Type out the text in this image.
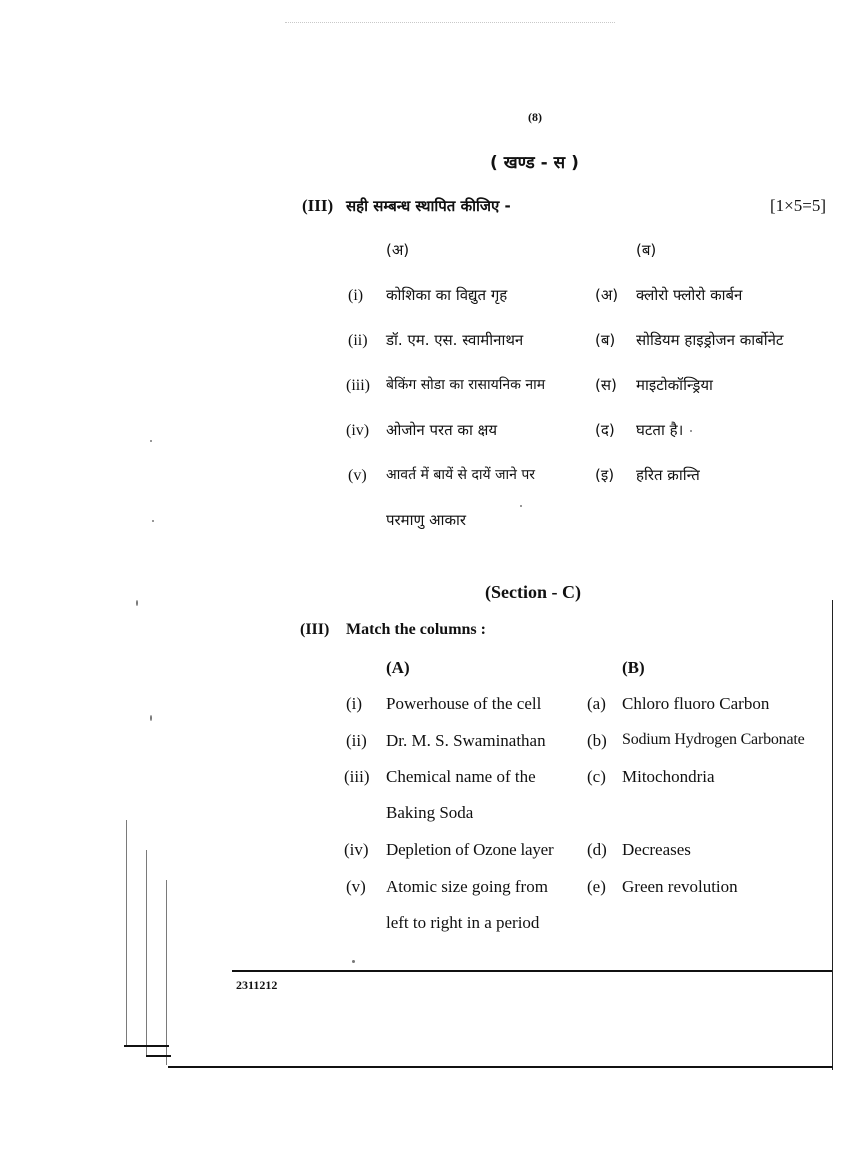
(8)
( खण्ड - स )
(III) सही सम्बन्ध स्थापित कीजिए -	[1×5=5]
(अ)	(ब)
(i) कोशिका का विद्युत गृह	(अ) क्लोरो फ्लोरो कार्बन
(ii) डॉ. एम. एस. स्वामीनाथन	(ब) सोडियम हाइड्रोजन कार्बोनेट
(iii) बेकिंग सोडा का रासायनिक नाम	(स) माइटोकॉन्ड्रिया
(iv) ओजोन परत का क्षय	(द) घटता है।
(v) आवर्त में बायें से दायें जाने पर	(इ) हरित क्रान्ति
परमाणु आकार
(Section - C)
(III) Match the columns :
(A)	(B)
(i) Powerhouse of the cell	(a) Chloro fluoro Carbon
(ii) Dr. M. S. Swaminathan (b) Sodium Hydrogen Carbonate
(iii) Chemical name of the	(c) Mitochondria
Baking Soda
(iv) Depletion of Ozone layer (d) Decreases
(v) Atomic size going from (e) Green revolution
left to right in a period
2311212
